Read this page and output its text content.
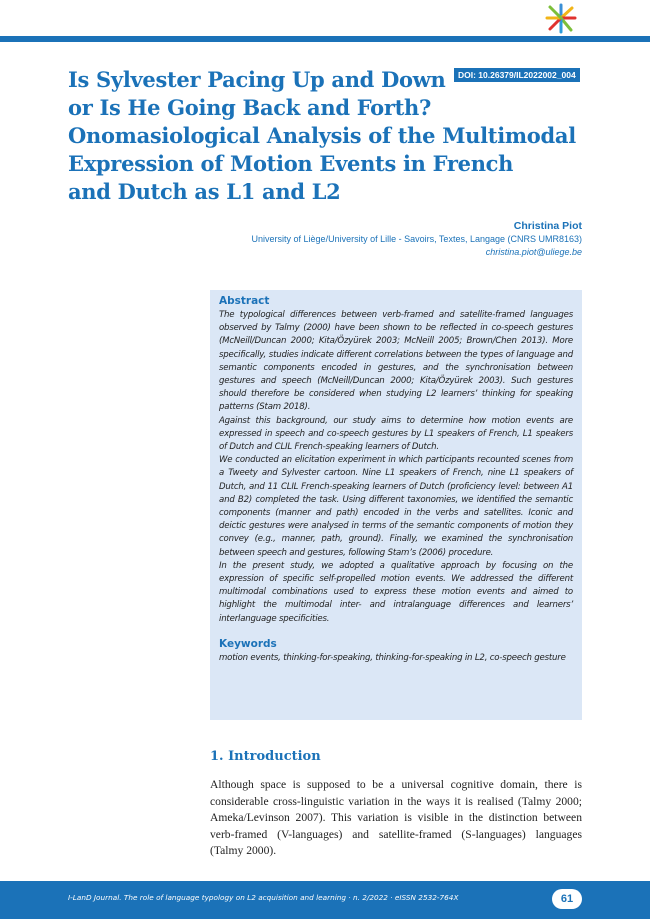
DOI: 10.26379/IL2022002_004
Is Sylvester Pacing Up and Down
or Is He Going Back and Forth?
Onomasiological Analysis of the Multimodal
Expression of Motion Events in French
and Dutch as L1 and L2
Christina Piot
University of Liège/University of Lille - Savoirs, Textes, Langage (CNRS UMR8163)
christina.piot@uliege.be
Abstract

The typological differences between verb-framed and satellite-framed languages observed by Talmy (2000) have been shown to be reflected in co-speech gestures (McNeill/Duncan 2000; Kita/Özyürek 2003; McNeill 2005; Brown/Chen 2013). More specifically, studies indicate different correlations between the types of language and semantic components encoded in gestures, and the synchronisation between gestures and speech (McNeill/Duncan 2000; Kita/Özyürek 2003). Such gestures should therefore be considered when studying L2 learners’ thinking for speaking patterns (Stam 2018).

Against this background, our study aims to determine how motion events are expressed in speech and co-speech gestures by L1 speakers of French, L1 speakers of Dutch and CLIL French-speaking learners of Dutch.

We conducted an elicitation experiment in which participants recounted scenes from a Tweety and Sylvester cartoon. Nine L1 speakers of French, nine L1 speakers of Dutch, and 11 CLIL French-speaking learners of Dutch (proficiency level: between A1 and B2) completed the task. Using different taxonomies, we identified the semantic components (manner and path) encoded in the verbs and satellites. Iconic and deictic gestures were analysed in terms of the semantic components of motion they convey (e.g., manner, path, ground). Finally, we examined the synchronisation between speech and gestures, following Stam’s (2006) procedure.

In the present study, we adopted a qualitative approach by focusing on the expression of specific self-propelled motion events. We addressed the different multimodal combinations used to express these motion events and aimed to highlight the multimodal inter- and intralanguage differences and learners’ interlanguage specificities.

Keywords

motion events, thinking-for-speaking, thinking-for-speaking in L2, co-speech gesture

1. Introduction

Although space is supposed to be a universal cognitive domain, there is considerable cross-linguistic variation in the ways it is realised (Talmy 2000; Ameka/Levinson 2007). This variation is visible in the distinction between verb-framed (V-languages) and satellite-framed (S-languages) languages (Talmy 2000).

I-LanD Journal. The role of language typology on L2 acquisition and learning · n. 2/2022 · eISSN 2532-764X	61
